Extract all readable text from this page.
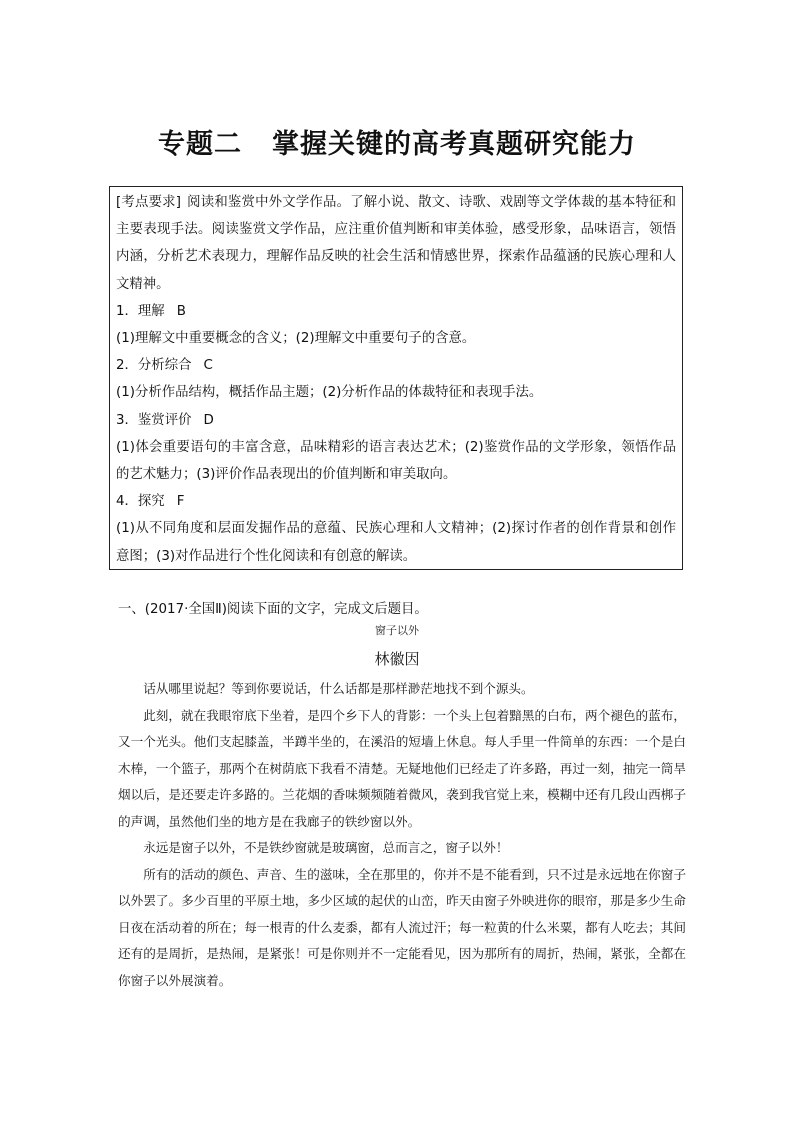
专题二 掌握关键的高考真题研究能力

[考点要求] 阅读和鉴赏中外文学作品。了解小说、散文、诗歌、戏剧等文学体裁的基本特征和主要表现手法。阅读鉴赏文学作品，应注重价值判断和审美体验，感受形象，品味语言，领悟内涵，分析艺术表现力，理解作品反映的社会生活和情感世界，探索作品蕴涵的民族心理和人文精神。

1．理解 B

(1)理解文中重要概念的含义；(2)理解文中重要句子的含意。

2．分析综合 C

(1)分析作品结构，概括作品主题；(2)分析作品的体裁特征和表现手法。

3．鉴赏评价 D

(1)体会重要语句的丰富含意，品味精彩的语言表达艺术；(2)鉴赏作品的文学形象，领悟作品的艺术魅力；(3)评价作品表现出的价值判断和审美取向。

4．探究 F

(1)从不同角度和层面发掘作品的意蕴、民族心理和人文精神；(2)探讨作者的创作背景和创作意图；(3)对作品进行个性化阅读和有创意的解读。

一、(2017·全国Ⅱ)阅读下面的文字，完成文后题目。
窗子以外
林徽因

话从哪里说起？等到你要说话，什么话都是那样渺茫地找不到个源头。

此刻，就在我眼帘底下坐着，是四个乡下人的背影：一个头上包着黯黑的白布，两个褪色的蓝布，又一个光头。他们支起膝盖，半蹲半坐的，在溪沿的短墙上休息。每人手里一件简单的东西：一个是白木棒，一个篮子，那两个在树荫底下我看不清楚。无疑地他们已经走了许多路，再过一刻，抽完一筒旱烟以后，是还要走许多路的。兰花烟的香味频频随着微风，袭到我官觉上来，模糊中还有几段山西梆子的声调，虽然他们坐的地方是在我廊子的铁纱窗以外。

永远是窗子以外，不是铁纱窗就是玻璃窗，总而言之，窗子以外！

所有的活动的颜色、声音、生的滋味，全在那里的，你并不是不能看到，只不过是永远地在你窗子以外罢了。多少百里的平原土地，多少区域的起伏的山峦，昨天由窗子外映进你的眼帘，那是多少生命日夜在活动着的所在；每一根青的什么麦黍，都有人流过汗；每一粒黄的什么米粟，都有人吃去；其间还有的是周折，是热闹，是紧张！可是你则并不一定能看见，因为那所有的周折，热闹，紧张，全都在你窗子以外展演着。
